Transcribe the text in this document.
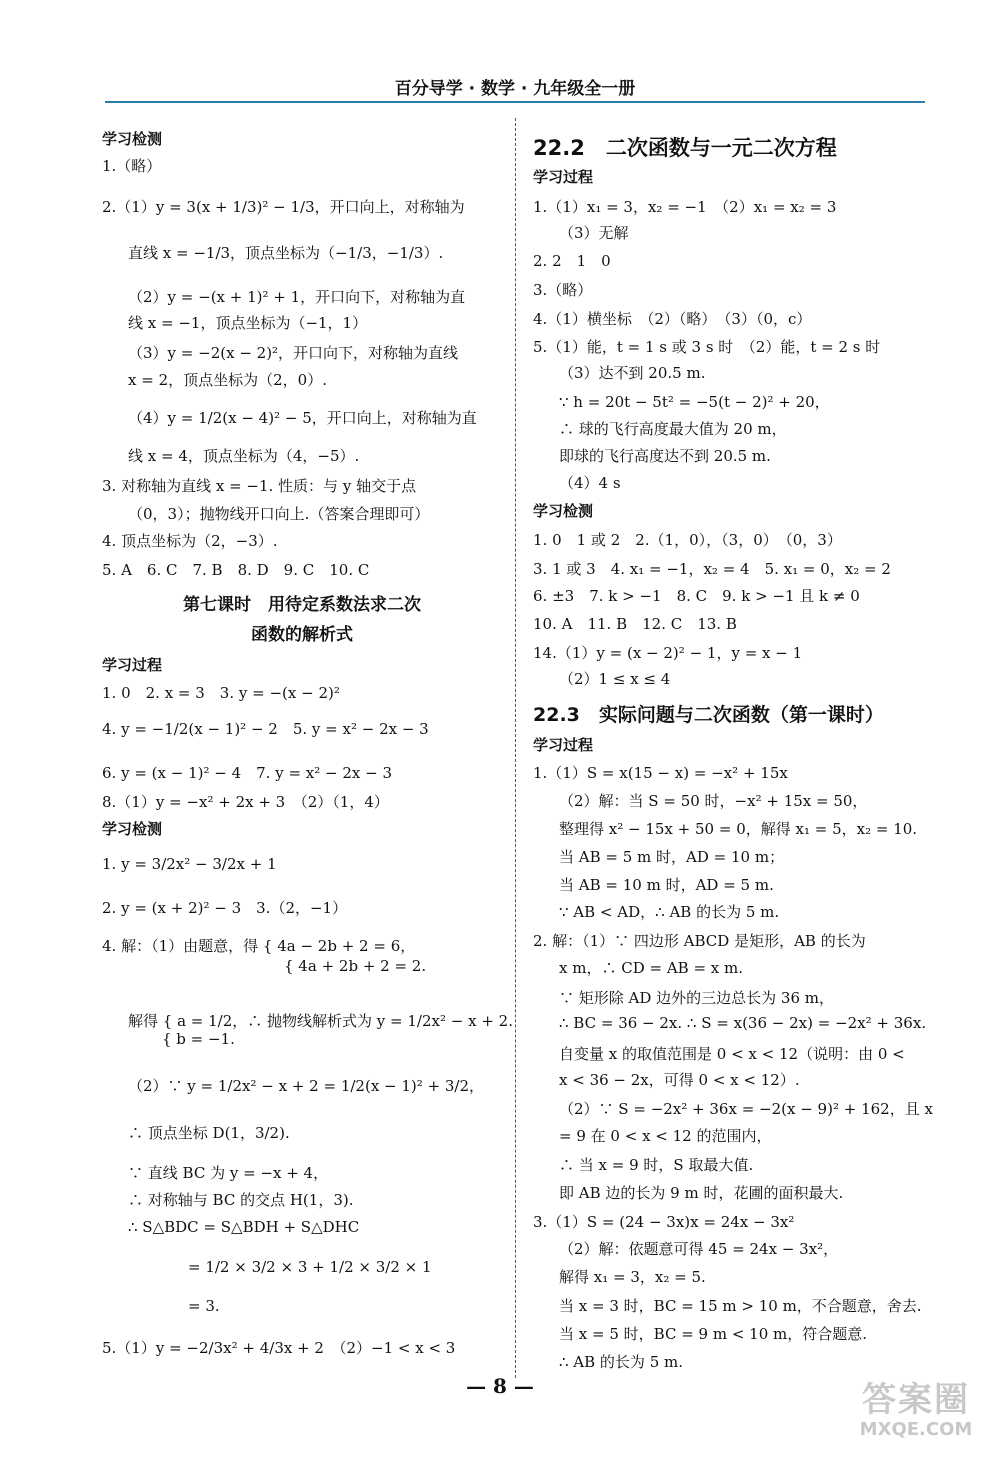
百分导学 · 数学 · 九年级全一册
学习检测
1.（略）
2.（1）y = 3(x + 1/3)² − 1/3，开口向上，对称轴为
直线 x = −1/3，顶点坐标为（−1/3，−1/3）.
（2）y = −(x + 1)² + 1，开口向下，对称轴为直
线 x = −1，顶点坐标为（−1，1）
（3）y = −2(x − 2)²，开口向下，对称轴为直线
x = 2，顶点坐标为（2，0）.
（4）y = 1/2(x − 4)² − 5，开口向上，对称轴为直
线 x = 4，顶点坐标为（4，−5）.
3. 对称轴为直线 x = −1. 性质：与 y 轴交于点
（0，3）；抛物线开口向上.（答案合理即可）
4. 顶点坐标为（2，−3）.
5. A　6. C　7. B　8. D　9. C　10. C
第七课时　用待定系数法求二次
函数的解析式
学习过程
1. 0　2. x = 3　3. y = −(x − 2)²
4. y = −1/2(x − 1)² − 2　5. y = x² − 2x − 3
6. y = (x − 1)² − 4　7. y = x² − 2x − 3
8.（1）y = −x² + 2x + 3　（2）（1，4）
学习检测
1. y = 3/2x² − 3/2x + 1
2. y = (x + 2)² − 3　3.（2，−1）
4. 解：（1）由题意，得 { 4a − 2b + 2 = 6，
{ 4a + 2b + 2 = 2.
解得 { a = 1/2，∴ 抛物线解析式为 y = 1/2x² − x + 2.
{ b = −1.
（2）∵ y = 1/2x² − x + 2 = 1/2(x − 1)² + 3/2，
∴ 顶点坐标 D(1，3/2).
∵ 直线 BC 为 y = −x + 4，
∴ 对称轴与 BC 的交点 H(1，3).
∴ S△BDC = S△BDH + S△DHC
= 1/2 × 3/2 × 3 + 1/2 × 3/2 × 1
= 3.
5.（1）y = −2/3x² + 4/3x + 2　（2）−1 < x < 3
22.2　二次函数与一元二次方程
学习过程
1.（1）x₁ = 3，x₂ = −1　（2）x₁ = x₂ = 3
（3）无解
2. 2　1　0
3.（略）
4.（1）横坐标　（2）（略）　（3）（0，c）
5.（1）能，t = 1 s 或 3 s 时　（2）能，t = 2 s 时
（3）达不到 20.5 m.
∵ h = 20t − 5t² = −5(t − 2)² + 20，
∴ 球的飞行高度最大值为 20 m，
即球的飞行高度达不到 20.5 m.
（4）4 s
学习检测
1. 0　1 或 2　2.（1，0），（3，0）　（0，3）
3. 1 或 3　4. x₁ = −1，x₂ = 4　5. x₁ = 0，x₂ = 2
6. ±3　7. k > −1　8. C　9. k > −1 且 k ≠ 0
10. A　11. B　12. C　13. B
14.（1）y = (x − 2)² − 1，y = x − 1
（2）1 ≤ x ≤ 4
22.3　实际问题与二次函数（第一课时）
学习过程
1.（1）S = x(15 − x) = −x² + 15x
（2）解：当 S = 50 时，−x² + 15x = 50，
整理得 x² − 15x + 50 = 0，解得 x₁ = 5，x₂ = 10.
当 AB = 5 m 时，AD = 10 m；
当 AB = 10 m 时，AD = 5 m.
∵ AB < AD，∴ AB 的长为 5 m.
2. 解：（1）∵ 四边形 ABCD 是矩形，AB 的长为
x m，∴ CD = AB = x m.
∵ 矩形除 AD 边外的三边总长为 36 m，
∴ BC = 36 − 2x. ∴ S = x(36 − 2x) = −2x² + 36x.
自变量 x 的取值范围是 0 < x < 12（说明：由 0 <
x < 36 − 2x，可得 0 < x < 12）.
（2）∵ S = −2x² + 36x = −2(x − 9)² + 162，且 x
= 9 在 0 < x < 12 的范围内，
∴ 当 x = 9 时，S 取最大值.
即 AB 边的长为 9 m 时，花圃的面积最大.
3.（1）S = (24 − 3x)x = 24x − 3x²
（2）解：依题意可得 45 = 24x − 3x²，
解得 x₁ = 3，x₂ = 5.
当 x = 3 时，BC = 15 m > 10 m，不合题意，舍去.
当 x = 5 时，BC = 9 m < 10 m，符合题意.
∴ AB 的长为 5 m.
— 8 —	答案圈
MXQE.COM
